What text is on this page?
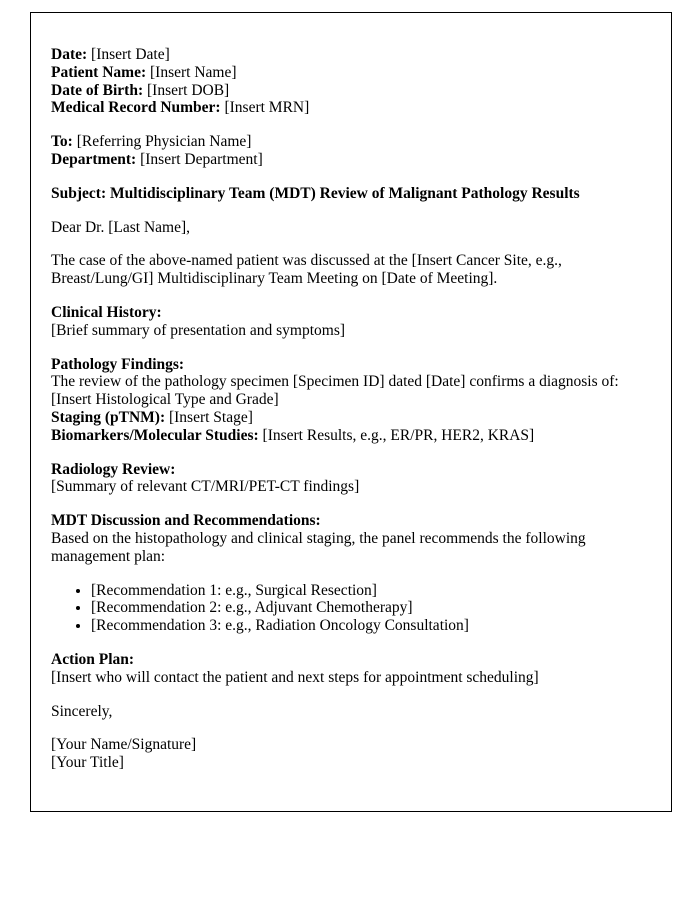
Date: [Insert Date]
Patient Name: [Insert Name]
Date of Birth: [Insert DOB]
Medical Record Number: [Insert MRN]
To: [Referring Physician Name]
Department: [Insert Department]
Subject: Multidisciplinary Team (MDT) Review of Malignant Pathology Results
Dear Dr. [Last Name],
The case of the above-named patient was discussed at the [Insert Cancer Site, e.g., Breast/Lung/GI] Multidisciplinary Team Meeting on [Date of Meeting].
Clinical History:
[Brief summary of presentation and symptoms]
Pathology Findings:
The review of the pathology specimen [Specimen ID] dated [Date] confirms a diagnosis of:
[Insert Histological Type and Grade]
Staging (pTNM): [Insert Stage]
Biomarkers/Molecular Studies: [Insert Results, e.g., ER/PR, HER2, KRAS]
Radiology Review:
[Summary of relevant CT/MRI/PET-CT findings]
MDT Discussion and Recommendations:
Based on the histopathology and clinical staging, the panel recommends the following management plan:
• [Recommendation 1: e.g., Surgical Resection]
• [Recommendation 2: e.g., Adjuvant Chemotherapy]
• [Recommendation 3: e.g., Radiation Oncology Consultation]
Action Plan:
[Insert who will contact the patient and next steps for appointment scheduling]
Sincerely,
[Your Name/Signature]
[Your Title]
